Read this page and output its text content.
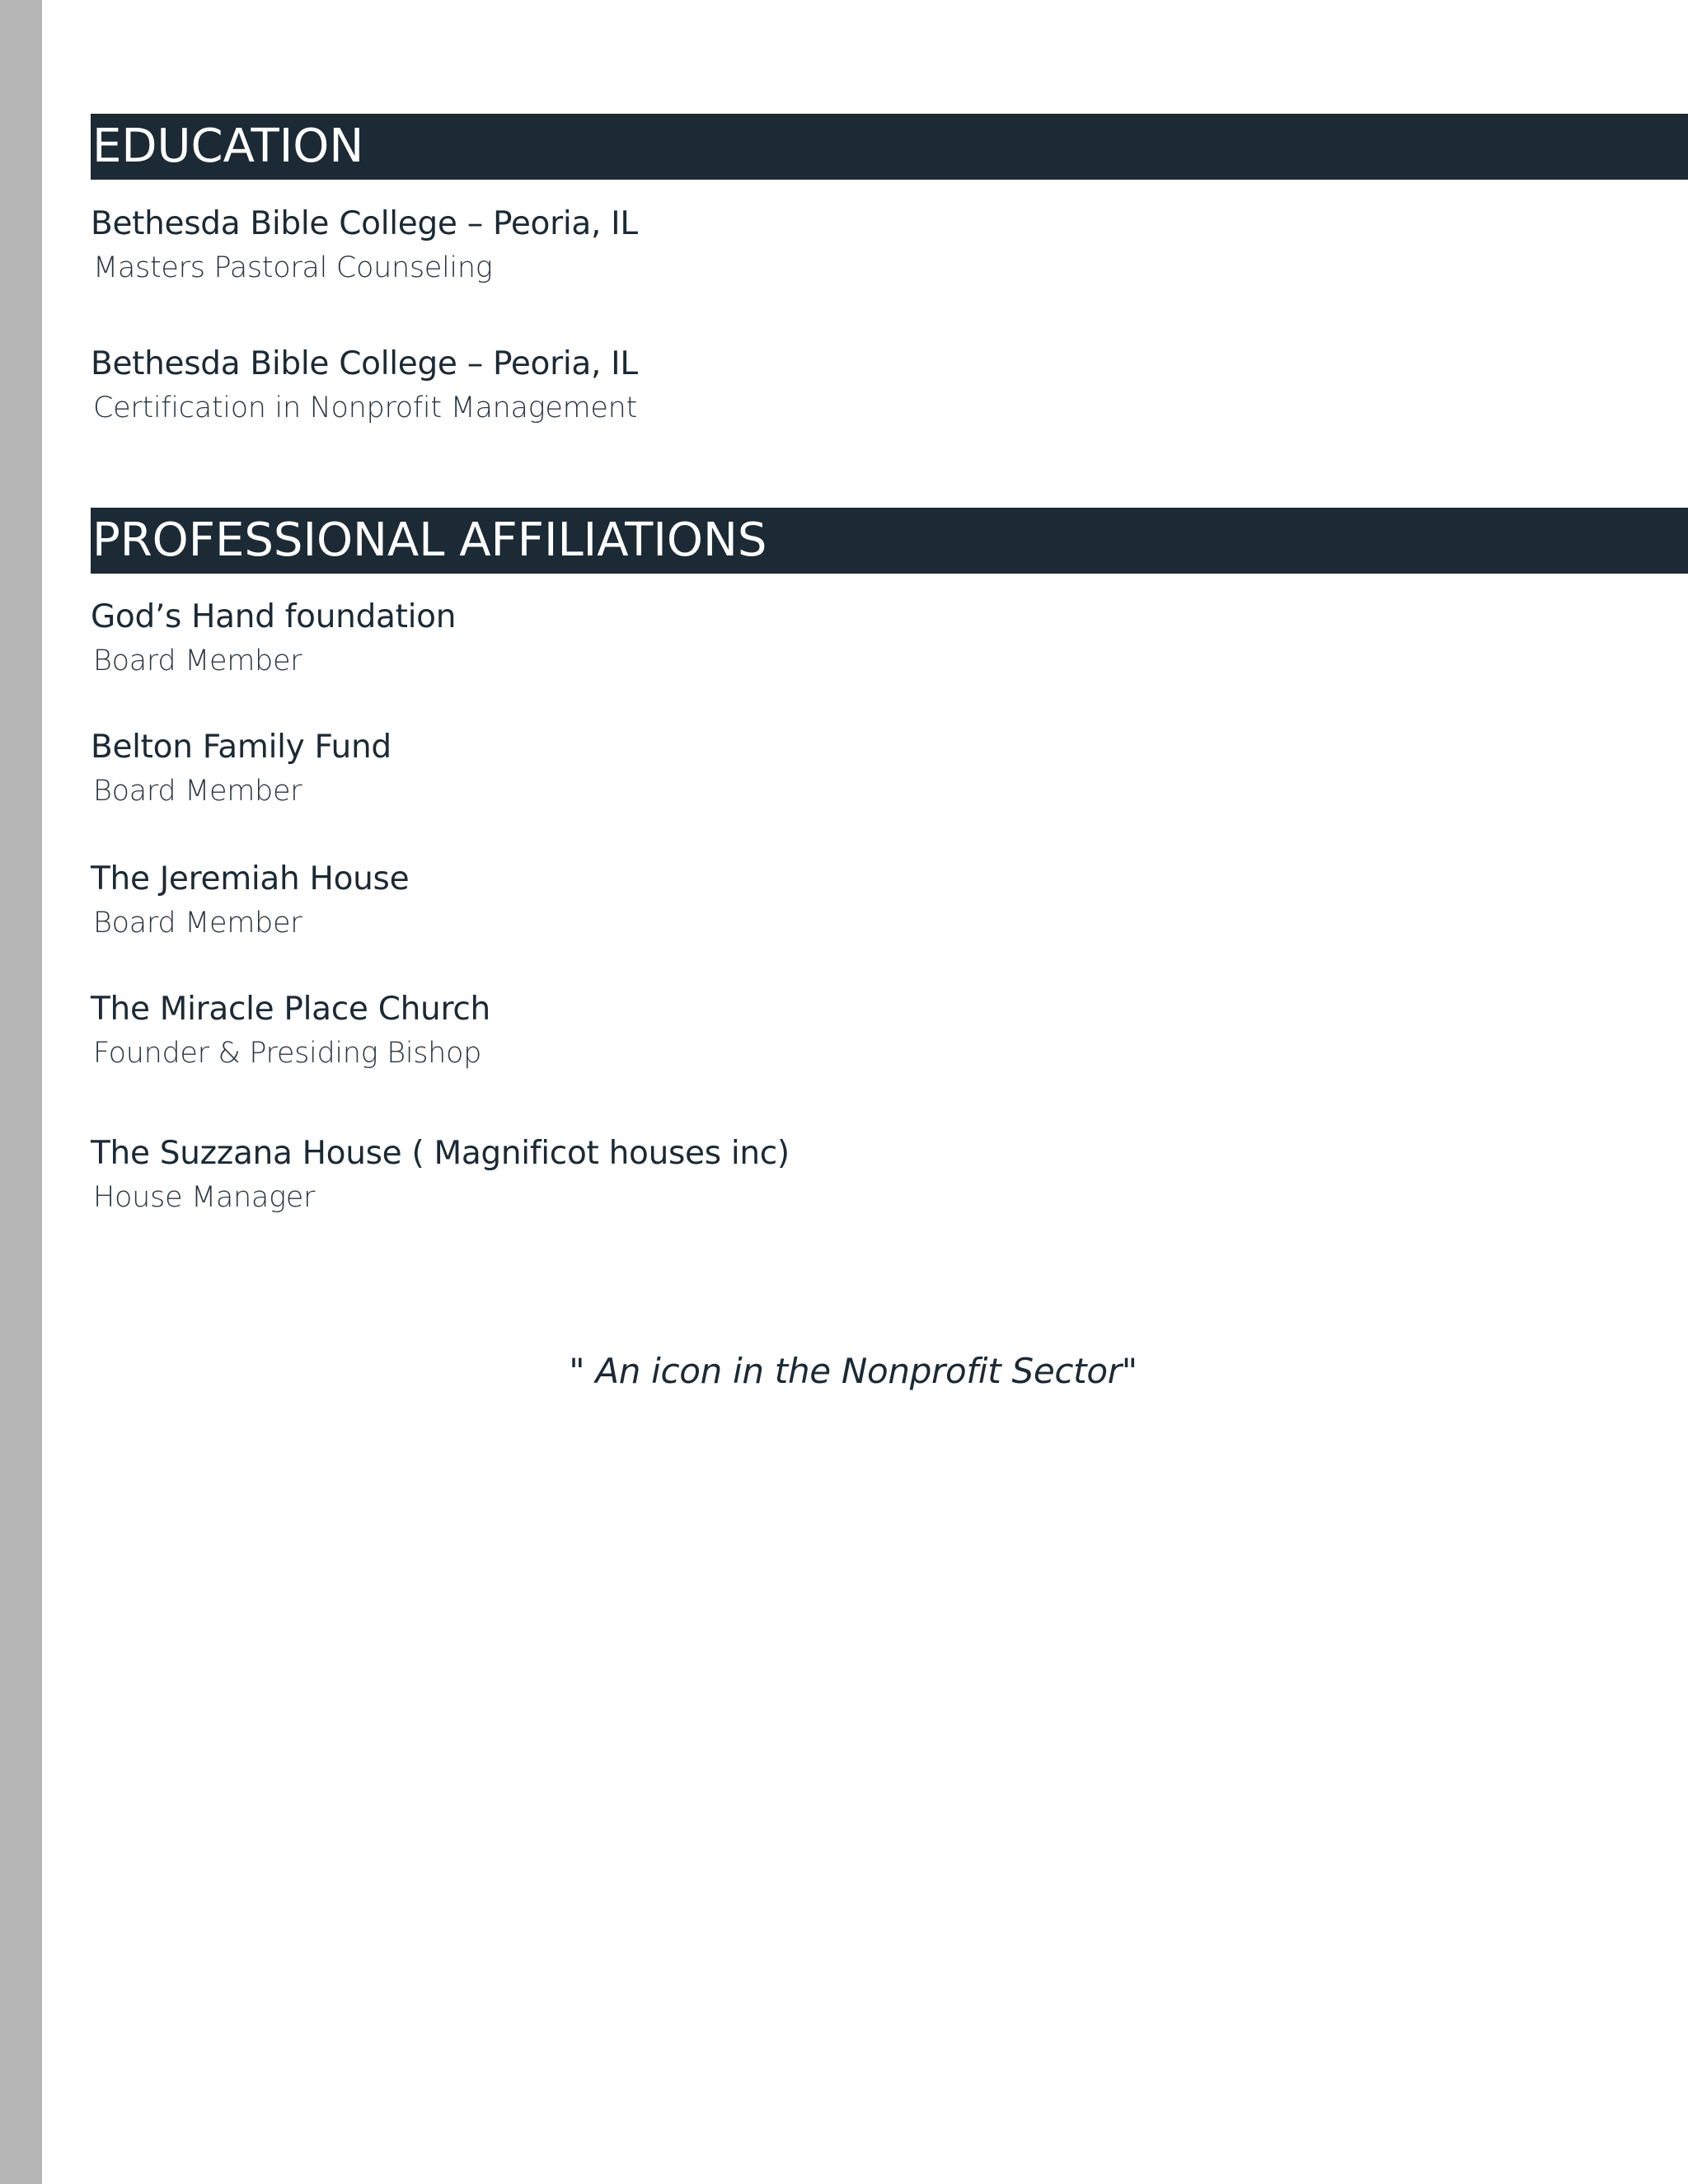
EDUCATION
Bethesda Bible College – Peoria, IL
Masters Pastoral Counseling
Bethesda Bible College – Peoria, IL
Certification in Nonprofit Management
PROFESSIONAL AFFILIATIONS
God’s Hand foundation
Board Member
Belton Family Fund
Board Member
The Jeremiah House
Board Member
The Miracle Place Church
Founder & Presiding Bishop
The Suzzana House ( Magnificot houses inc)
House Manager
" An icon in the Nonprofit Sector"
